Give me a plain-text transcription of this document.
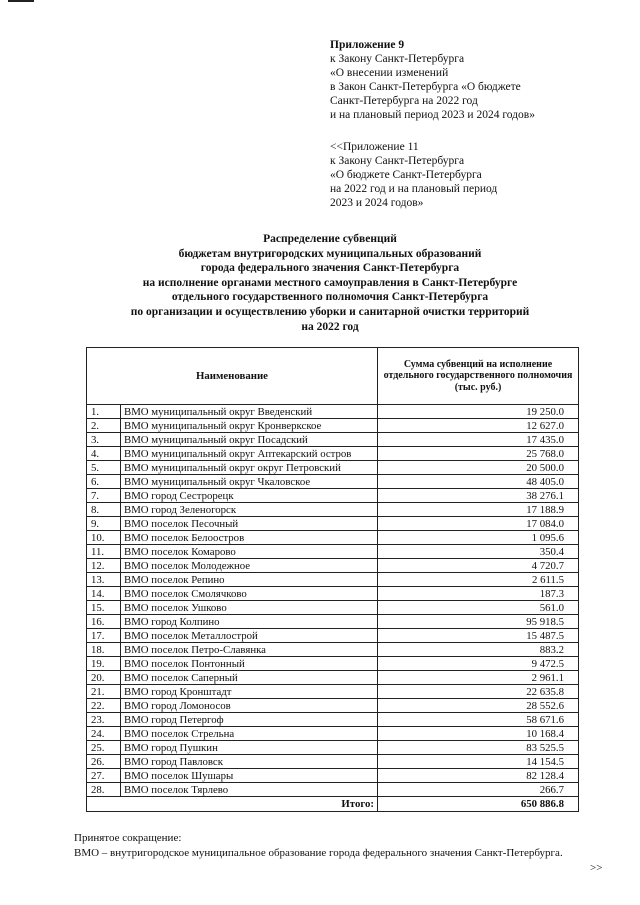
Приложение 9
к Закону Санкт-Петербурга
«О внесении изменений
в Закон Санкт-Петербурга «О бюджете
Санкт-Петербурга на 2022 год
и на плановый период 2023 и 2024 годов»
<<Приложение 11
к Закону Санкт-Петербурга
«О бюджете Санкт-Петербурга
на 2022 год и на плановый период
2023 и 2024 годов»
Распределение субвенций
бюджетам внутригородских муниципальных образований
города федерального значения Санкт-Петербурга
на исполнение органами местного самоуправления в Санкт-Петербурге
отдельного государственного полномочия Санкт-Петербурга
по организации и осуществлению уборки и санитарной очистки территорий
на 2022 год
Наименование		Сумма субвенций на исполнение отдельного государственного полномочия (тыс. руб.)
1.	ВМО муниципальный округ Введенский	19 250.0
2.	ВМО муниципальный округ Кронверкское	12 627.0
3.	ВМО муниципальный округ Посадский	17 435.0
4.	ВМО муниципальный округ Аптекарский остров	25 768.0
5.	ВМО муниципальный округ округ Петровский	20 500.0
6.	ВМО муниципальный округ Чкаловское	48 405.0
7.	ВМО город Сестрорецк	38 276.1
8.	ВМО город Зеленогорск	17 188.9
9.	ВМО поселок Песочный	17 084.0
10.	ВМО поселок Белоостров	1 095.6
11.	ВМО поселок Комарово	350.4
12.	ВМО поселок Молодежное	4 720.7
13.	ВМО поселок Репино	2 611.5
14.	ВМО поселок Смолячково	187.3
15.	ВМО поселок Ушково	561.0
16.	ВМО город Колпино	95 918.5
17.	ВМО поселок Металлострой	15 487.5
18.	ВМО поселок Петро-Славянка	883.2
19.	ВМО поселок Понтонный	9 472.5
20.	ВМО поселок Саперный	2 961.1
21.	ВМО город Кронштадт	22 635.8
22.	ВМО город Ломоносов	28 552.6
23.	ВМО город Петергоф	58 671.6
24.	ВМО поселок Стрельна	10 168.4
25.	ВМО город Пушкин	83 525.5
26.	ВМО город Павловск	14 154.5
27.	ВМО поселок Шушары	82 128.4
28.	ВМО поселок Тярлево	266.7
Итого:		650 886.8
Принятое сокращение:
ВМО – внутригородское муниципальное образование города федерального значения Санкт-Петербурга.
>>
